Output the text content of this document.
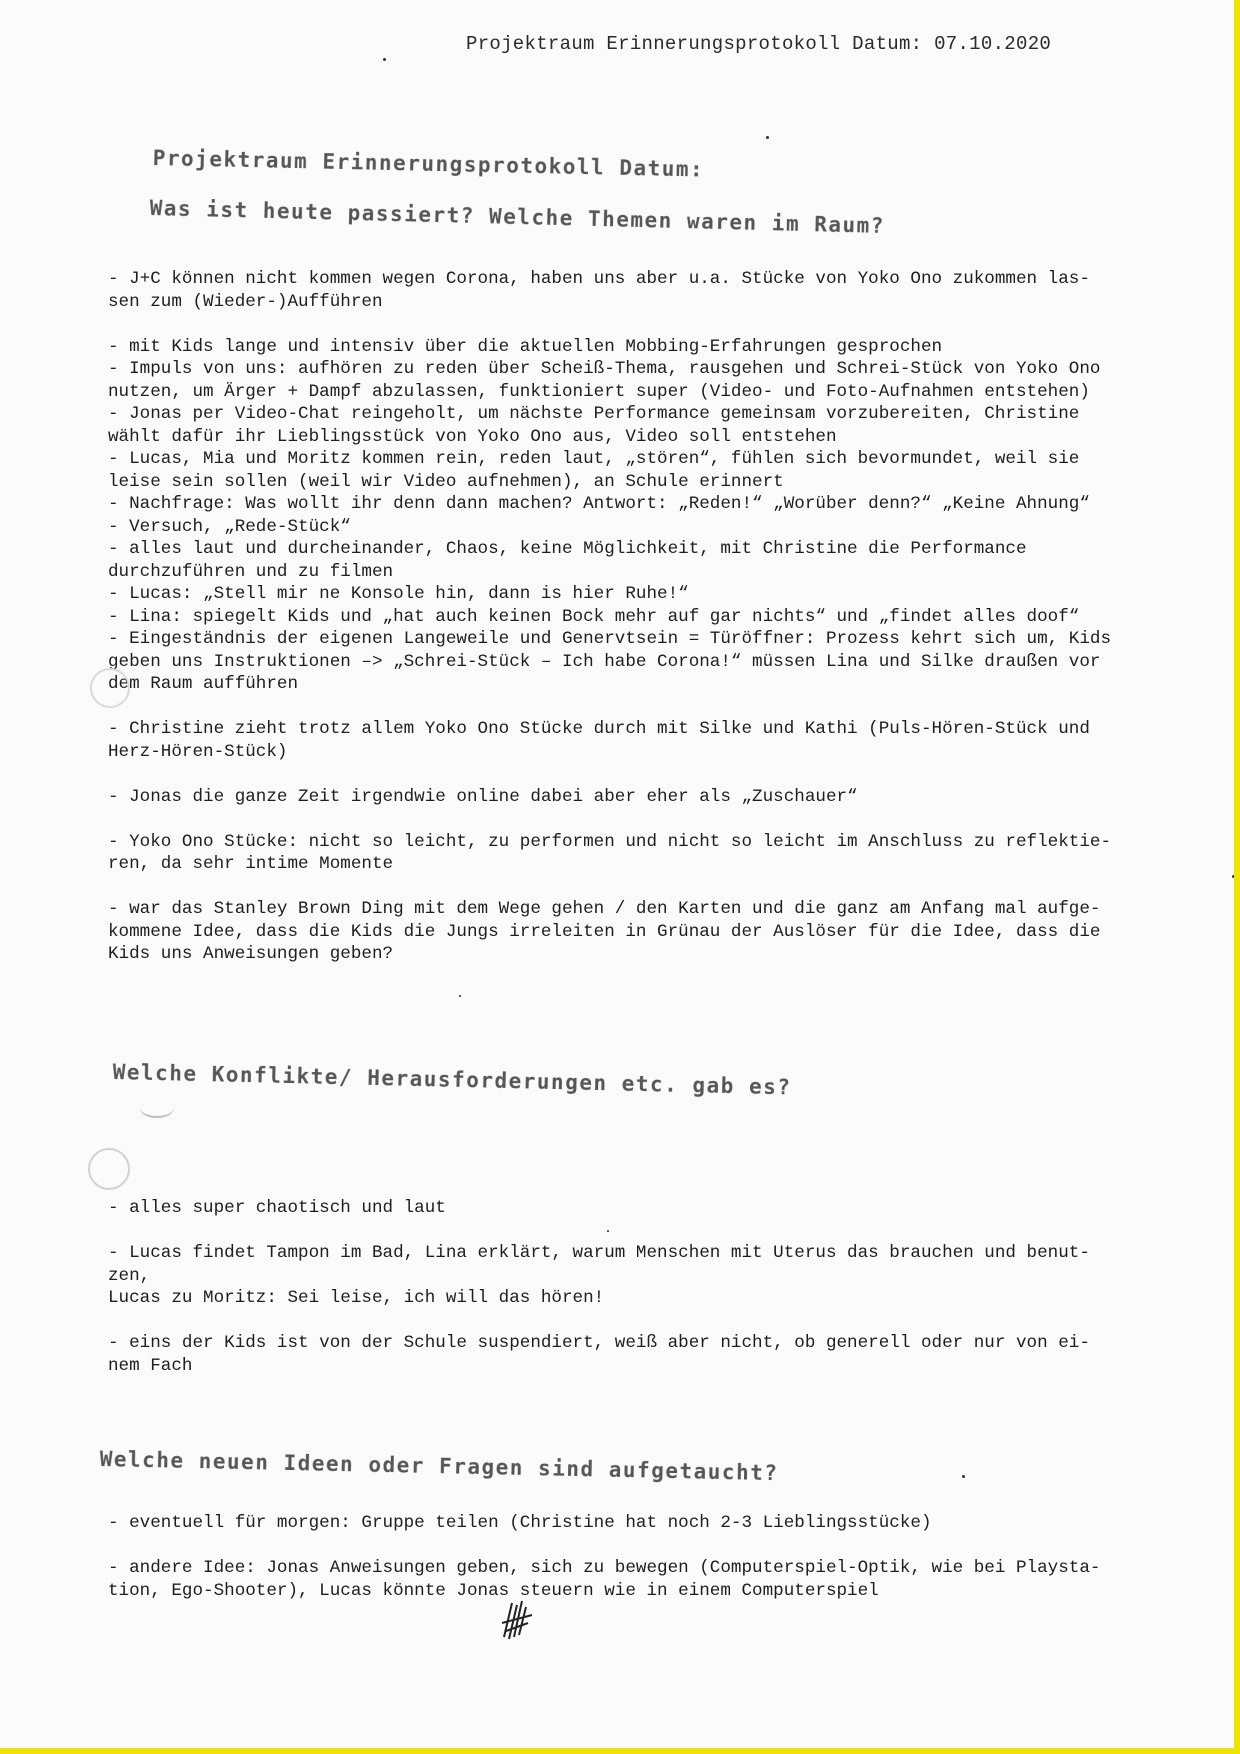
Projektraum Erinnerungsprotokoll Datum: 07.10.2020
Projektraum Erinnerungsprotokoll Datum:
Was ist heute passiert? Welche Themen waren im Raum?
- J+C können nicht kommen wegen Corona, haben uns aber u.a. Stücke von Yoko Ono zukommen las-
sen zum (Wieder-)Aufführen
- mit Kids lange und intensiv über die aktuellen Mobbing-Erfahrungen gesprochen
- Impuls von uns: aufhören zu reden über Scheiß-Thema, rausgehen und Schrei-Stück von Yoko Ono
nutzen, um Ärger + Dampf abzulassen, funktioniert super (Video- und Foto-Aufnahmen entstehen)
- Jonas per Video-Chat reingeholt, um nächste Performance gemeinsam vorzubereiten, Christine
wählt dafür ihr Lieblingsstück von Yoko Ono aus, Video soll entstehen
- Lucas, Mia und Moritz kommen rein, reden laut, „stören“, fühlen sich bevormundet, weil sie
leise sein sollen (weil wir Video aufnehmen), an Schule erinnert
- Nachfrage: Was wollt ihr denn dann machen? Antwort: „Reden!“ „Worüber denn?“ „Keine Ahnung“
- Versuch, „Rede-Stück“
- alles laut und durcheinander, Chaos, keine Möglichkeit, mit Christine die Performance
durchzuführen und zu filmen
- Lucas: „Stell mir ne Konsole hin, dann is hier Ruhe!“
- Lina: spiegelt Kids und „hat auch keinen Bock mehr auf gar nichts“ und „findet alles doof“
- Eingeständnis der eigenen Langeweile und Genervtsein = Türöffner: Prozess kehrt sich um, Kids
geben uns Instruktionen –> „Schrei-Stück – Ich habe Corona!“ müssen Lina und Silke draußen vor
dem Raum aufführen
- Christine zieht trotz allem Yoko Ono Stücke durch mit Silke und Kathi (Puls-Hören-Stück und
Herz-Hören-Stück)
- Jonas die ganze Zeit irgendwie online dabei aber eher als „Zuschauer“
- Yoko Ono Stücke: nicht so leicht, zu performen und nicht so leicht im Anschluss zu reflektie-
ren, da sehr intime Momente
- war das Stanley Brown Ding mit dem Wege gehen / den Karten und die ganz am Anfang mal aufge-
kommene Idee, dass die Kids die Jungs irreleiten in Grünau der Auslöser für die Idee, dass die
Kids uns Anweisungen geben?
Welche Konflikte/ Herausforderungen etc. gab es?
- alles super chaotisch und laut
- Lucas findet Tampon im Bad, Lina erklärt, warum Menschen mit Uterus das brauchen und benut-
zen,
Lucas zu Moritz: Sei leise, ich will das hören!
- eins der Kids ist von der Schule suspendiert, weiß aber nicht, ob generell oder nur von ei-
nem Fach
Welche neuen Ideen oder Fragen sind aufgetaucht?
- eventuell für morgen: Gruppe teilen (Christine hat noch 2-3 Lieblingsstücke)
- andere Idee: Jonas Anweisungen geben, sich zu bewegen (Computerspiel-Optik, wie bei Playsta-
tion, Ego-Shooter), Lucas könnte Jonas steuern wie in einem Computerspiel
